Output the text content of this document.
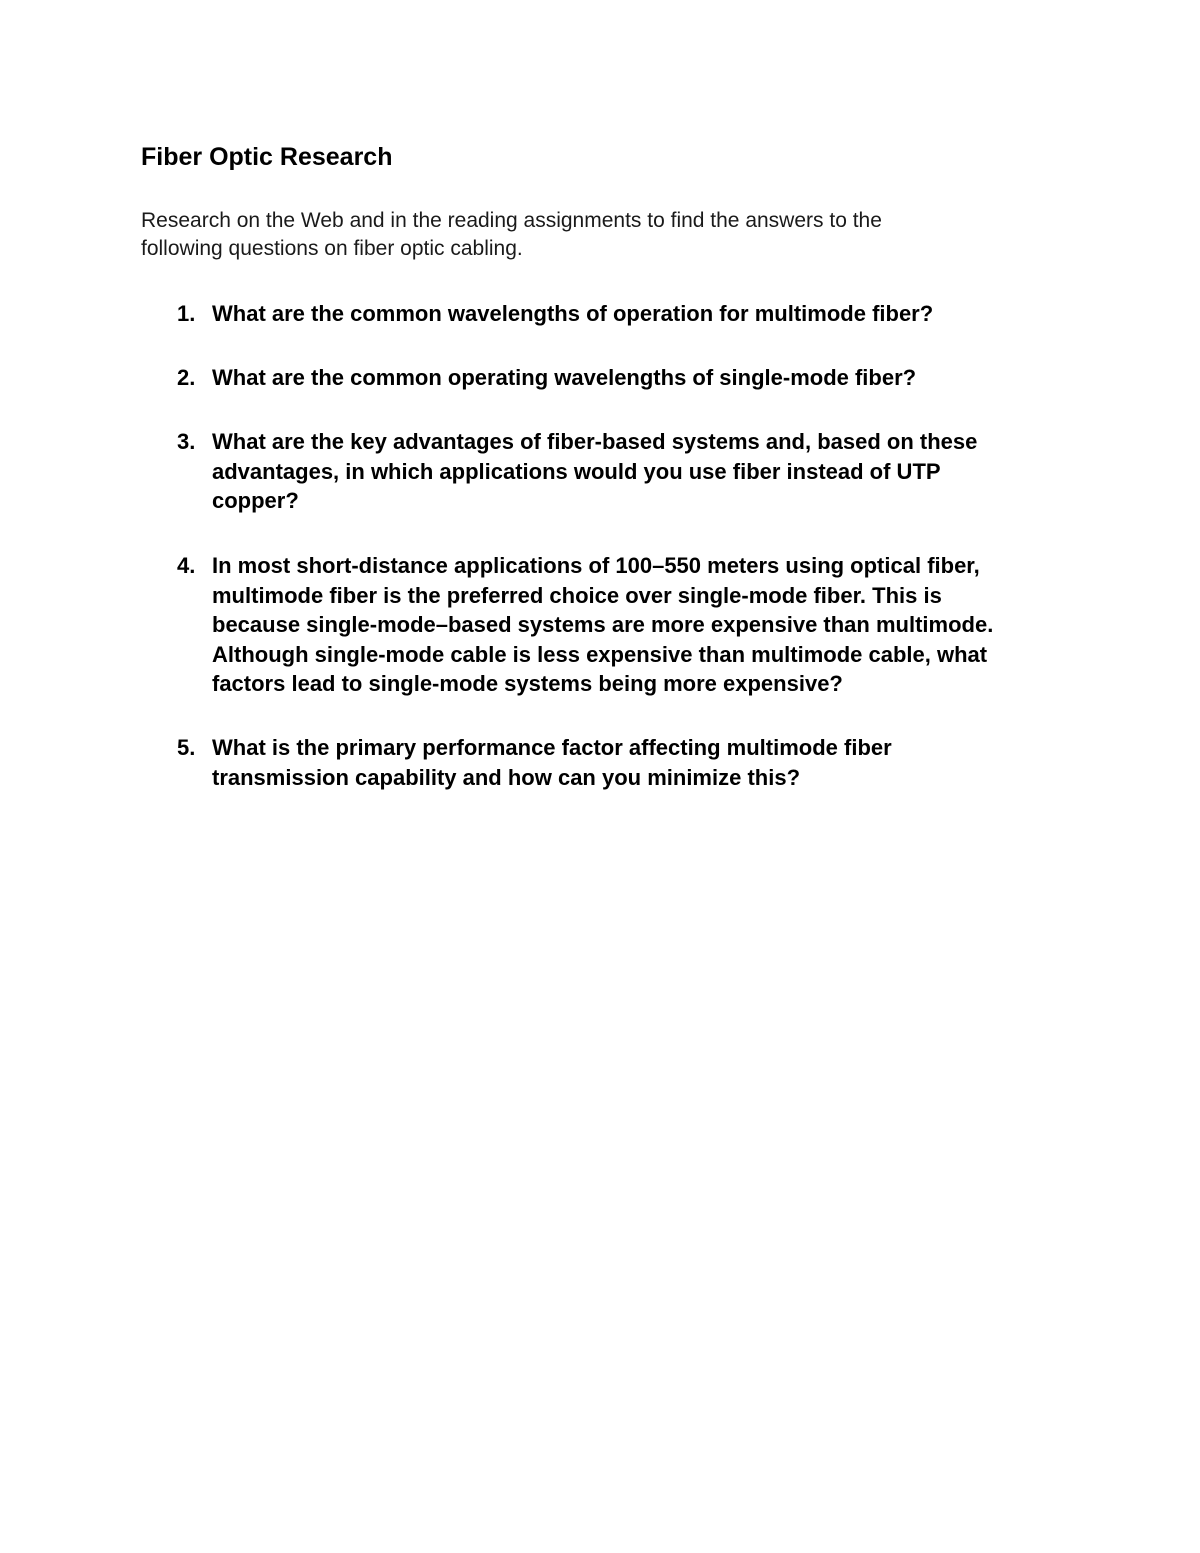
Fiber Optic Research

Research on the Web and in the reading assignments to find the answers to the
following questions on fiber optic cabling.

1. What are the common wavelengths of operation for multimode fiber?
2. What are the common operating wavelengths of single-mode fiber?
3. What are the key advantages of fiber-based systems and, based on these
advantages, in which applications would you use fiber instead of UTP
copper?
4. In most short-distance applications of 100–550 meters using optical fiber,
multimode fiber is the preferred choice over single-mode fiber. This is
because single-mode–based systems are more expensive than multimode.
Although single-mode cable is less expensive than multimode cable, what
factors lead to single-mode systems being more expensive?
5. What is the primary performance factor affecting multimode fiber
transmission capability and how can you minimize this?
